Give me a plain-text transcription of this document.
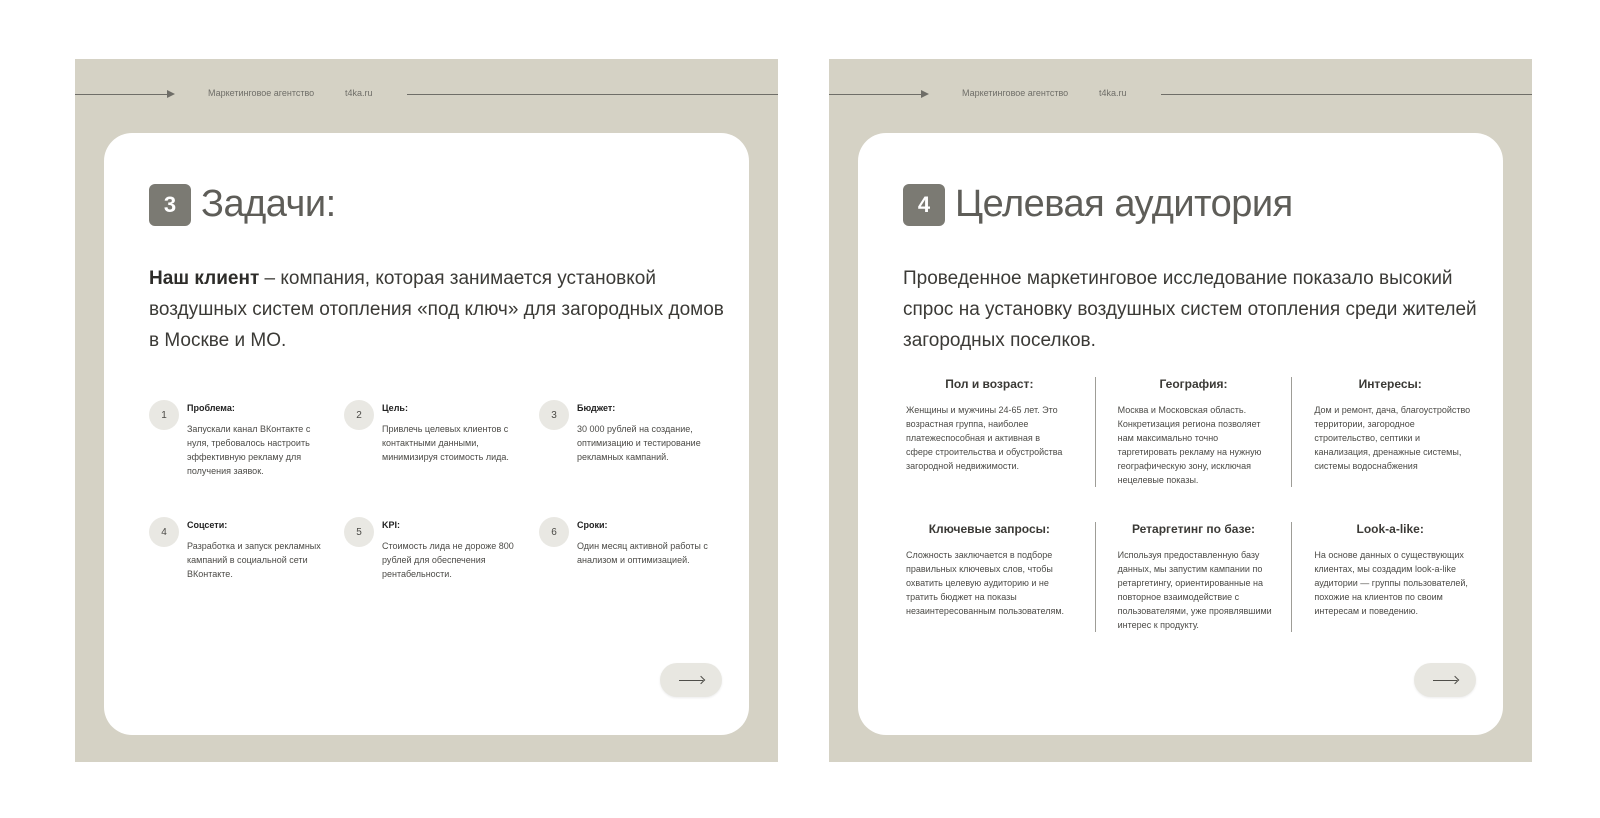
Маркетинговое агентство	t4ka.ru
3 Задачи:
Наш клиент – компания, которая занимается установкой воздушных систем отопления «под ключ» для загородных домов в Москве и МО.
1
Проблема:
Запускали канал ВКонтакте с нуля, требовалось настроить эффективную рекламу для получения заявок.
2
Цель:
Привлечь целевых клиентов с контактными данными, минимизируя стоимость лида.
3
Бюджет:
30 000 рублей на создание, оптимизацию и тестирование рекламных кампаний.
4
Соцсети:
Разработка и запуск рекламных кампаний в социальной сети ВКонтакте.
5
KPI:
Стоимость лида не дороже 800 рублей для обеспечения рентабельности.
6
Сроки:
Один месяц активной работы с анализом и оптимизацией.
Маркетинговое агентство	t4ka.ru
4 Целевая аудитория
Проведенное маркетинговое исследование показало высокий спрос на установку воздушных систем отопления среди жителей загородных поселков.
Пол и возраст:
Женщины и мужчины 24-65 лет. Это возрастная группа, наиболее платежеспособная и активная в сфере строительства и обустройства загородной недвижимости.
География:
Москва и Московская область. Конкретизация региона позволяет нам максимально точно таргетировать рекламу на нужную географическую зону, исключая нецелевые показы.
Интересы:
Дом и ремонт, дача, благоустройство территории, загородное строительство, септики и канализация, дренажные системы, системы водоснабжения
Ключевые запросы:
Сложность заключается в подборе правильных ключевых слов, чтобы охватить целевую аудиторию и не тратить бюджет на показы незаинтересованным пользователям.
Ретаргетинг по базе:
Используя предоставленную базу данных, мы запустим кампании по ретаргетингу, ориентированные на повторное взаимодействие с пользователями, уже проявлявшими интерес к продукту.
Look-a-like:
На основе данных о существующих клиентах, мы создадим look-a-like аудитории — группы пользователей, похожие на клиентов по своим интересам и поведению.
